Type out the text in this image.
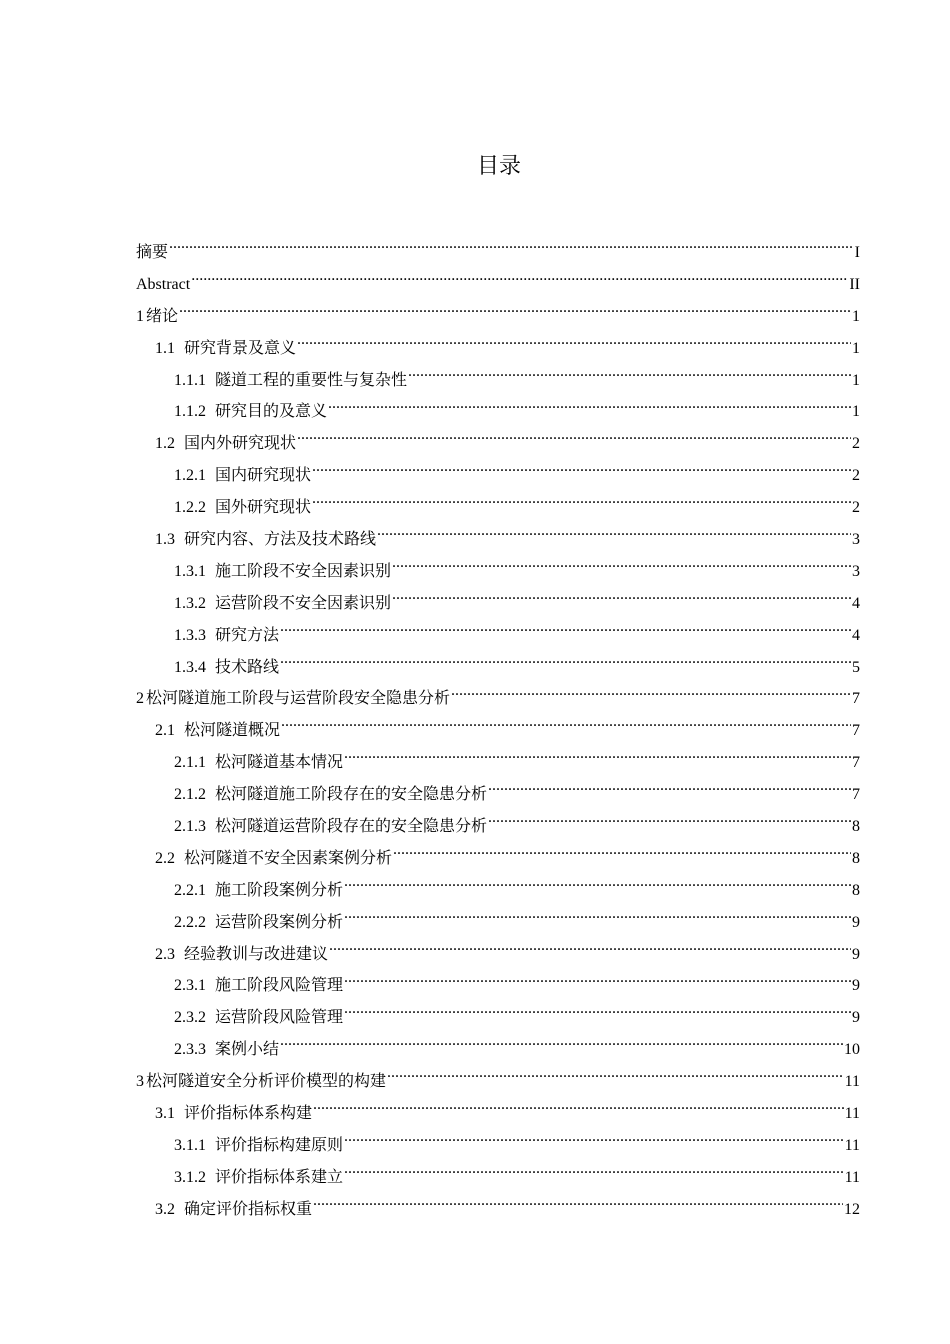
目录
摘要 .....	I
Abstract .....	II
1 绪论 .....	1
1.1 研究背景及意义 .....	1
1.1.1 隧道工程的重要性与复杂性 .....	1
1.1.2 研究目的及意义 .....	1
1.2 国内外研究现状 .....	2
1.2.1 国内研究现状 .....	2
1.2.2 国外研究现状 .....	2
1.3 研究内容、方法及技术路线 .....	3
1.3.1 施工阶段不安全因素识别 .....	3
1.3.2 运营阶段不安全因素识别 .....	4
1.3.3 研究方法 .....	4
1.3.4 技术路线 .....	5
2 松河隧道施工阶段与运营阶段安全隐患分析 .....	7
2.1 松河隧道概况 .....	7
2.1.1 松河隧道基本情况 .....	7
2.1.2 松河隧道施工阶段存在的安全隐患分析 .....	7
2.1.3 松河隧道运营阶段存在的安全隐患分析 .....	8
2.2 松河隧道不安全因素案例分析 .....	8
2.2.1 施工阶段案例分析 .....	8
2.2.2 运营阶段案例分析 .....	9
2.3 经验教训与改进建议 .....	9
2.3.1 施工阶段风险管理 .....	9
2.3.2 运营阶段风险管理 .....	9
2.3.3 案例小结 .....	10
3 松河隧道安全分析评价模型的构建 .....	11
3.1 评价指标体系构建 .....	11
3.1.1 评价指标构建原则 .....	11
3.1.2 评价指标体系建立 .....	11
3.2 确定评价指标权重 .....	12
